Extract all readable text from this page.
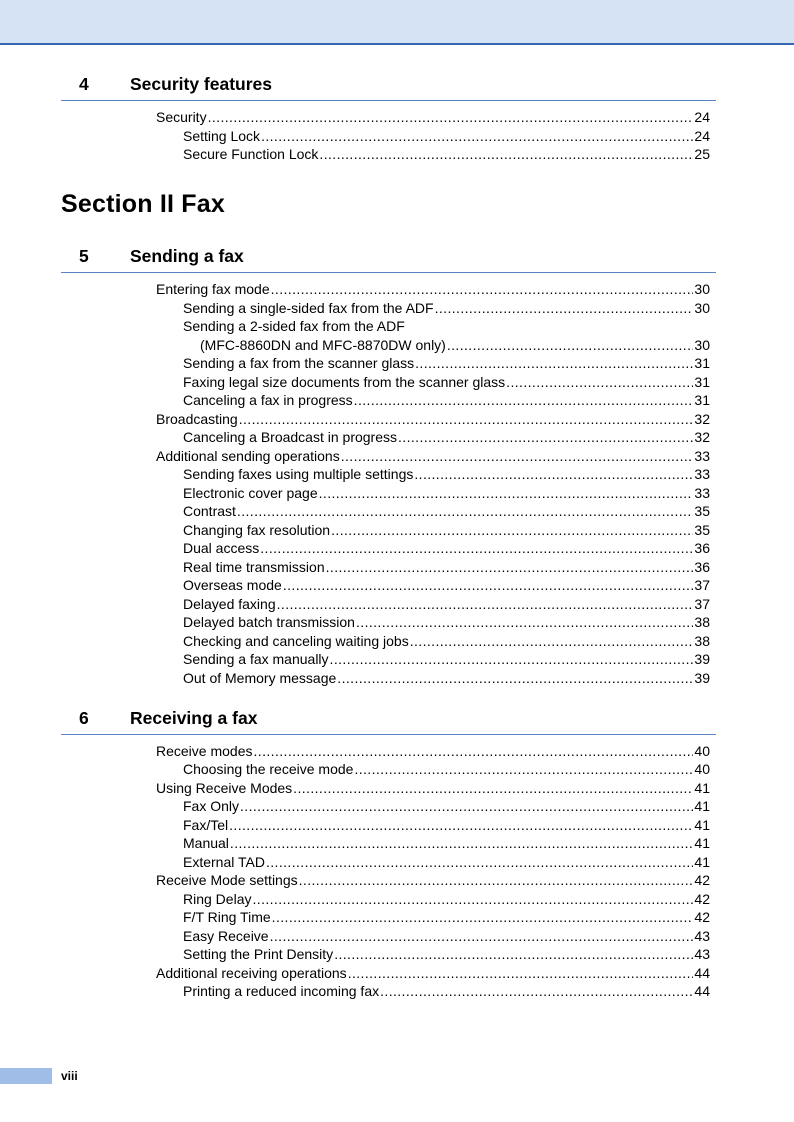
4 Security features
Security .....	24
Setting Lock .....	24
Secure Function Lock .....	25
Section II Fax
5 Sending a fax
Entering fax mode .....	30
Sending a single-sided fax from the ADF .....	30
Sending a 2-sided fax from the ADF
(MFC-8860DN and MFC-8870DW only) .....	30
Sending a fax from the scanner glass .....	31
Faxing legal size documents from the scanner glass .....	31
Canceling a fax in progress .....	31
Broadcasting .....	32
Canceling a Broadcast in progress .....	32
Additional sending operations .....	33
Sending faxes using multiple settings .....	33
Electronic cover page .....	33
Contrast .....	35
Changing fax resolution .....	35
Dual access .....	36
Real time transmission .....	36
Overseas mode .....	37
Delayed faxing .....	37
Delayed batch transmission .....	38
Checking and canceling waiting jobs .....	38
Sending a fax manually .....	39
Out of Memory message .....	39
6 Receiving a fax
Receive modes .....	40
Choosing the receive mode .....	40
Using Receive Modes .....	41
Fax Only .....	41
Fax/Tel .....	41
Manual .....	41
External TAD .....	41
Receive Mode settings .....	42
Ring Delay .....	42
F/T Ring Time .....	42
Easy Receive .....	43
Setting the Print Density .....	43
Additional receiving operations .....	44
Printing a reduced incoming fax .....	44
viii
